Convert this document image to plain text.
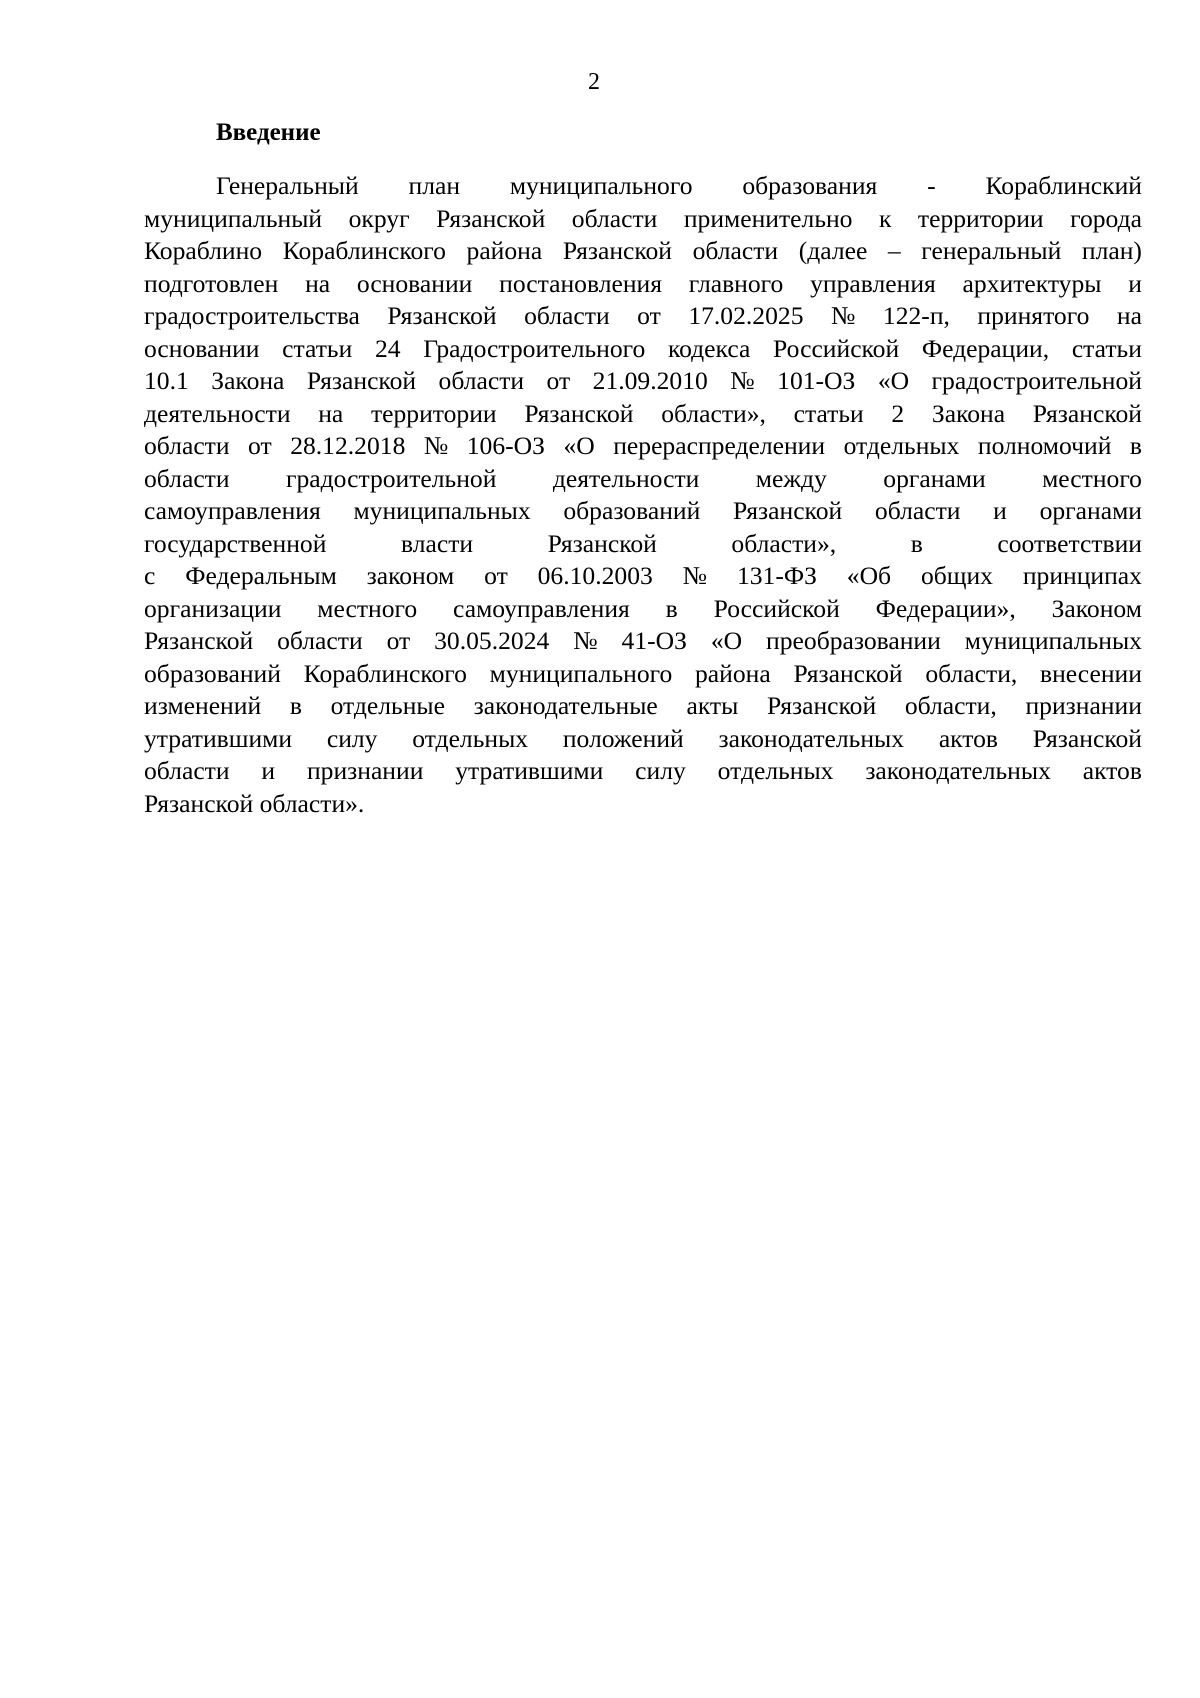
2
Введение
Генеральный план муниципального образования - Кораблинский
муниципальный округ Рязанской области применительно к территории города
Кораблино Кораблинского района Рязанской области (далее – генеральный план)
подготовлен на основании постановления главного управления архитектуры и
градостроительства Рязанской области от 17.02.2025 № 122-п, принятого на
основании статьи 24 Градостроительного кодекса Российской Федерации, статьи
10.1 Закона Рязанской области от 21.09.2010 № 101-ОЗ «О градостроительной
деятельности на территории Рязанской области», статьи 2 Закона Рязанской
области от 28.12.2018 № 106-ОЗ «О перераспределении отдельных полномочий в
области градостроительной деятельности между органами местного
самоуправления муниципальных образований Рязанской области и органами
государственной	власти	Рязанской	области»,	в	соответствии
с Федеральным законом от 06.10.2003 № 131-ФЗ «Об общих принципах
организации местного самоуправления в Российской Федерации», Законом
Рязанской области от 30.05.2024 № 41-ОЗ «О преобразовании муниципальных
образований Кораблинского муниципального района Рязанской области, внесении
изменений в отдельные законодательные акты Рязанской области, признании
утратившими силу отдельных положений законодательных актов Рязанской
области и признании утратившими силу отдельных законодательных актов
Рязанской области».
